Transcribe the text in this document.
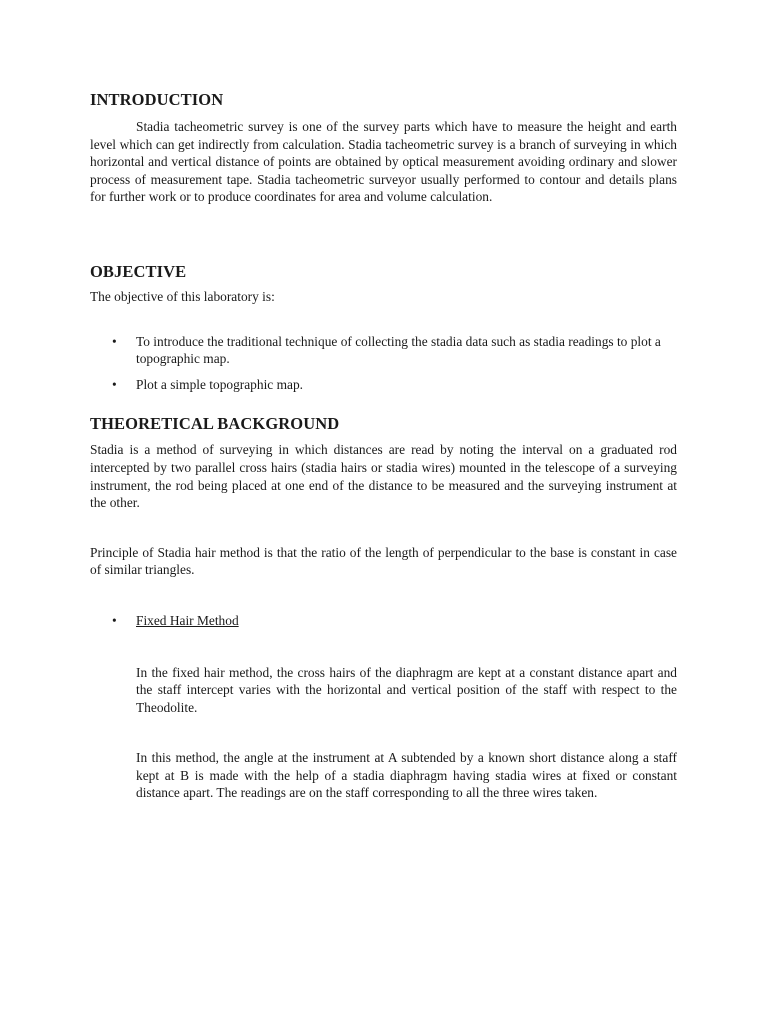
INTRODUCTION

Stadia tacheometric survey is one of the survey parts which have to measure the height and earth level which can get indirectly from calculation. Stadia tacheometric survey is a branch of surveying in which horizontal and vertical distance of points are obtained by optical measurement avoiding ordinary and slower process of measurement tape. Stadia tacheometric surveyor usually performed to contour and details plans for further work or to produce coordinates for area and volume calculation.

OBJECTIVE

The objective of this laboratory is:

• To introduce the traditional technique of collecting the stadia data such as stadia readings to plot a topographic map.
• Plot a simple topographic map.
THEORETICAL BACKGROUND

Stadia is a method of surveying in which distances are read by noting the interval on a graduated rod intercepted by two parallel cross hairs (stadia hairs or stadia wires) mounted in the telescope of a surveying instrument, the rod being placed at one end of the distance to be measured and the surveying instrument at the other.

Principle of Stadia hair method is that the ratio of the length of perpendicular to the base is constant in case of similar triangles.

• Fixed Hair Method

In the fixed hair method, the cross hairs of the diaphragm are kept at a constant distance apart and the staff intercept varies with the horizontal and vertical position of the staff with respect to the Theodolite.

In this method, the angle at the instrument at A subtended by a known short distance along a staff kept at B is made with the help of a stadia diaphragm having stadia wires at fixed or constant distance apart. The readings are on the staff corresponding to all the three wires taken.
